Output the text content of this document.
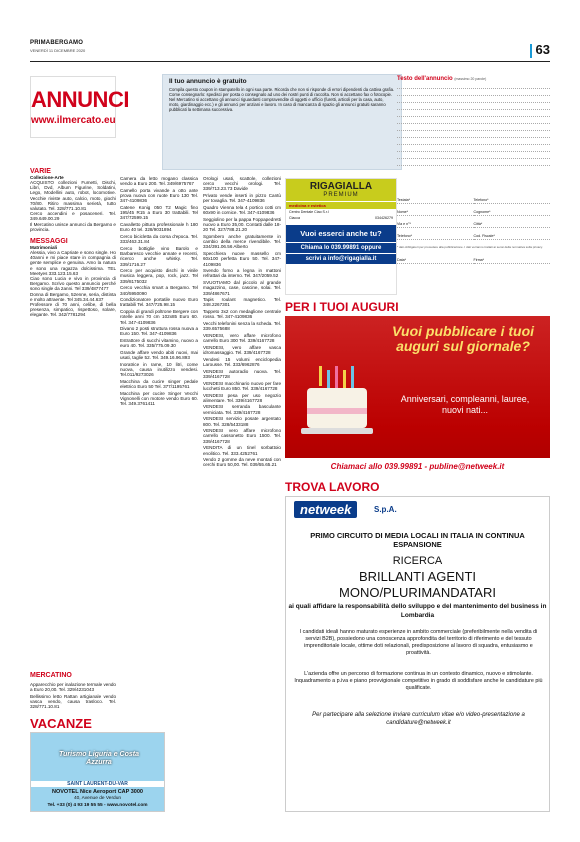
PRIMABERGAMO
VENERDÌ 11 DICEMBRE 2020	63
ANNUNCI
www.ilmercato.eu
VARIE
Collezione-Arte

ACQUISTO collezioni Fumetti, Dischi, Libri, Dvd, Album Figurine, Soldatini, Lego, Modellini auto, robot, locomotive. Vecchie riviste auto, calcio, moto, giochi 70/80. Ritiro massima serietà, tutto valutato. Tel. 328/771.10.81

Cerco accendini e posaceneri. Tel. 349.649.00.29

Il Mercatino unisce annunci da Bergamo e provincia.

MESSAGGI
Matrimoniali

Alessia, vivo a Capriate e sono single. Ho 40anni e mi piace stare in compagnia di gente semplice e genuina. Amo la natura e sono una ragazza dolcissima. TEL Meetyes 333.123.15.63

Ciao sono Lucia e vivo in provincia di Bergamo. Scrivo questo annuncio perché sono single da 2anni. Tel 339/4877477

Donna di Bergamo, 52enne, seria, distinta e molto attraente. Tel 345.34.44.637

Professore di 70 anni, celibe, di bella presenza, simpatico, rispettoso, solare, elegante. Tel. 342/7781294

MERCATINO

Apparecchio per inalazione termale vendo a Euro 20,00. Tel. 329/4231043

Bellissimo letto Rattan artigianale vendo vasca vendo, causa trasloco. Tel. 328/771.10.81

Camera da letto mogano classica vendo a Euro 200. Tel. 349/6975767

Camello porta vivande a otto ante prova nuova con ruote Euro 130 Tel. 347-4109836

Catene Konig 050 T2 Magic fino 195/45 R15 a Euro 30 trattabili. Tel 347/72599.15

Cavalletto pittura professionale h 180 Euro 40 tel. 328/9031894

Cerco bicicletta da corsa d'epoca. Tel. 333/463.31.84

Cerco bottiglie vino Barolo e Barbaresco vecchie annate e recenti, ricerco anche whisky. Tel. 339/1716.27

Cerco per acquisto dischi in vinile musica leggera, pop, rock, jazz. Tel 339/8175032

Cerco vecchia smart a Bergamo. Tel 340/5950090

Condizionatore portatile nuovo Euro trattabili Tel. 347/725.98.15

Coppia di grandi poltrone Bergere con rotelle anni 70 cm 102x85 Euro 60. Tel. 347-4109836

Divano 2 posti struttura rossa nuova a Euro 150. Tel. 347-4109836

Estrattore di succhi vitamino, nuovo a euro 40. Tel. 335/775.09.30

Grande affare vendo abiti nuovi, mai usati, taglie 52. Tel. 349.16.96.893

Inoratrice in rame, 10 litri, come nuova, causa inutilizzo vendesi. Tel.011/9273026

Macchina da cucire singer pedale elettrico Euro 50 Tel. 377/1195761

Macchina per cucire Singer Vecchi Vignonelli con motore vendo Euro 60. Tel. 349.3761411

Orologi usati, scattole, collezioni cerco vecchi orologi. Tel. 339/713.23.73 Davide

Privato vende inserti in pizzo Cantù per tovaglia. Tel. 347-4109836

Quadro Vienna tela 4 portico cotti cm 60x90 in cornice. Tel. 347-4109836

Seggiolino per la pappa Foppapedretti nuovo a Euro 35,00. Contatti dalle 18-20 Tel. 327/788.21.20

Sgombero anche gratuitamente in cambio della merce rivendibile. Tel. 334/391.06.56 Alberto

Specchiera nuove massello cm 60x100 perfetta Euro 50. Tel. 347-4109836

Svendo forno a legna in mattoni refrattari da interno. Tel. 347/2059.52

SVUOTIAMO dal piccolo al grande magazzino, case, cascine, solai. Tel. 339/4867671

Tapis roulant magnetico. Tel. 348.2267301

Tappeto 3x2 con medaglione centrale rosso. Tel. 347-4109836

Vecchi telefonini senza la scheda. Tel. 339.6575688

VENDESI, vero affare microfono carrello Euro 300 Tel. 339/4167728

VENDESI, vero affare vasca idromassaggio. Tel. 339/4167728

Vendesi 15 volumi enciclopedia Larousse. Tel. 333/6962876

VENDESI autoradio nuova. Tel. 339/4167728

VENDESI macchinario nuovo per fare lucchetti Euro 850. Tel. 339/4167728

VENDESI pesa per uso negozio alimentare. Tel. 339/4167728

VENDESI serranda basculante verniciata. Tel. 339/4167728

VENDESI servizio posate argentato 800. Tel. 328/5433188

VENDESI vero affare microfono carrello cassonetto Euro 1500. Tel. 339/4167728

VENDITA di un tinel sorbattoio enolitico. Tel. 333.4252761

Vendo 2 gomme da neve montati con cerchi Euro 50,00. Tel. 039/55.65.21

Il tuo annuncio è gratuito
Compila questo coupon in stampatello in ogni sua parte. Ricorda che non si risponde di errori dipendenti da cattiva grafia. Come consegnarlo: spedisci per posta o consegnalo ad uno dei nostri punti di raccolta. Non si accettano fax o fotocopie. Nel Mercatino si accettano gli annunci riguardanti compravendite di oggetti e ufficio (furetti, articoli per la casa, auto, moto, giardinaggio ecc.) e gli annunci per anziani e lavoro. In caso di mancanza di spazio gli annunci gratuiti saranno pubblicati la settimana successiva.
Testo dell'annuncio (massimo 20 parole)
Testata*	Telefono*
Nome*	Cognome*
Via e n°*	Città*
Telefono*	Cod. Fiscale*
* dati obbligatori per procedere alla pubblicazione. I dati verranno trattati ai sensi della normativa sulla privacy.
Data*	Firma*
RIGAGIALLA
PREMIUM
medicina e estetica
Centro Dentale Ciao S.r.l
Ciacca	034426279
Vuoi esserci anche tu?
Chiama lo 039.99891 oppure
scrivi a info@rigagialla.it
PER I TUOI AUGURI
Vuoi pubblicare i tuoi auguri sul giornale?
Anniversari, compleanni, lauree, nuovi nati...
Chiamaci allo 039.99891 - publine@netweek.it
TROVA LAVORO
netweek	S.p.A.
PRIMO CIRCUITO DI MEDIA LOCALI IN ITALIA IN CONTINUA ESPANSIONE
RICERCA
BRILLANTI AGENTI MONO/PLURIMANDATARI
ai quali affidare la responsabilità dello sviluppo e del mantenimento del business in Lombardia
I candidati ideali hanno maturato esperienze in ambito commerciale (preferibilmente nella vendita di servizi B2B), possiedono una conoscenza approfondita del territorio di riferimento e del tessuto imprenditoriale locale, ottime doti relazionali, predisposizione al lavoro di squadra, entusiasmo e proattività.
L'azienda offre un percorso di formazione continua in un contesto dinamico, nuovo e stimolante. Inquadramento a p.iva e piano provvigionale competitivo in grado di soddisfare anche le candidature più qualificate.
Per partecipare alla selezione inviare curriculum vitae e/o video-presentazione a candidature@netweek.it
VACANZE
Turismo Liguria e Costa Azzurra
SAINT LAURENT-DU-VAR
NOVOTEL Nice Aeroport CAP 3000
40, Avenue de Verdun
Tel. +33 (0) 4 93 19 55 55 - www.novotel.com
